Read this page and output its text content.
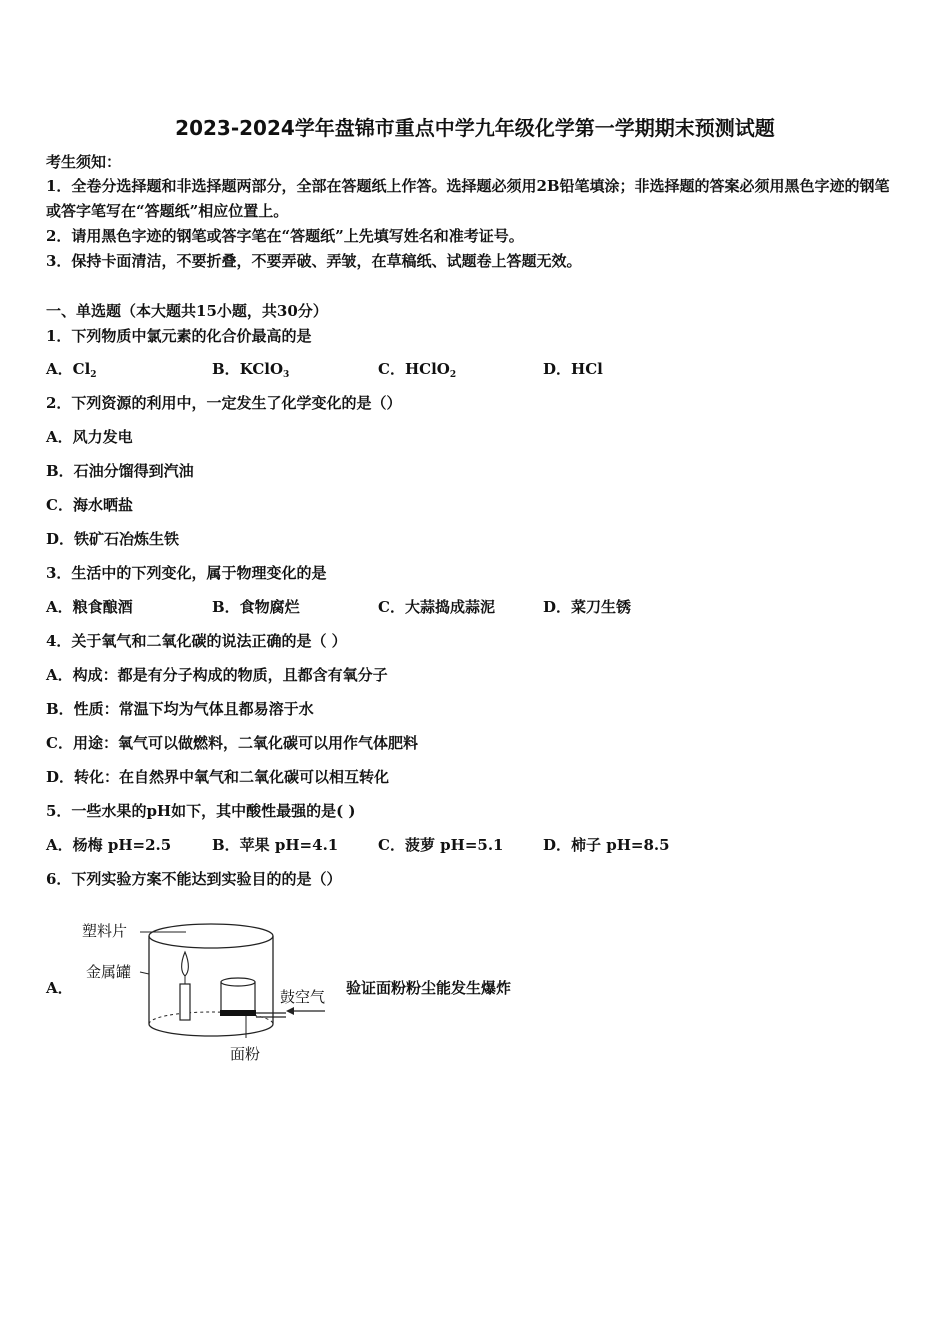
2023-2024学年盘锦市重点中学九年级化学第一学期期末预测试题
考生须知：
1．全卷分选择题和非选择题两部分，全部在答题纸上作答。选择题必须用2B铅笔填涂；非选择题的答案必须用黑色字迹的钢笔或答字笔写在“答题纸”相应位置上。
2．请用黑色字迹的钢笔或答字笔在“答题纸”上先填写姓名和准考证号。
3．保持卡面清洁，不要折叠，不要弄破、弄皱，在草稿纸、试题卷上答题无效。
一、单选题（本大题共15小题，共30分）
1．下列物质中氯元素的化合价最高的是
A．$Cl_2$	B．KClO$_3$	C．HClO$_2$	D．HCl
2．下列资源的利用中，一定发生了化学变化的是（）
A．风力发电
B．石油分馏得到汽油
C．海水晒盐
D．铁矿石冶炼生铁
3．生活中的下列变化，属于物理变化的是
A．粮食酿酒	B．食物腐烂	C．大蒜捣成蒜泥	D．菜刀生锈
4．关于氧气和二氧化碳的说法正确的是（ ）
A．构成：都是有分子构成的物质，且都含有氧分子
B．性质：常温下均为气体且都易溶于水
C．用途：氧气可以做燃料，二氧化碳可以用作气体肥料
D．转化：在自然界中氧气和二氧化碳可以相互转化
5．一些水果的pH如下，其中酸性最强的是( )
A．杨梅 pH=2.5	B．苹果 pH=4.1	C．菠萝 pH=5.1	D．柿子 pH=8.5
6．下列实验方案不能达到实验目的的是（）
A．
塑料片
金属罐
鼓空气
面粉
验证面粉粉尘能发生爆炸
